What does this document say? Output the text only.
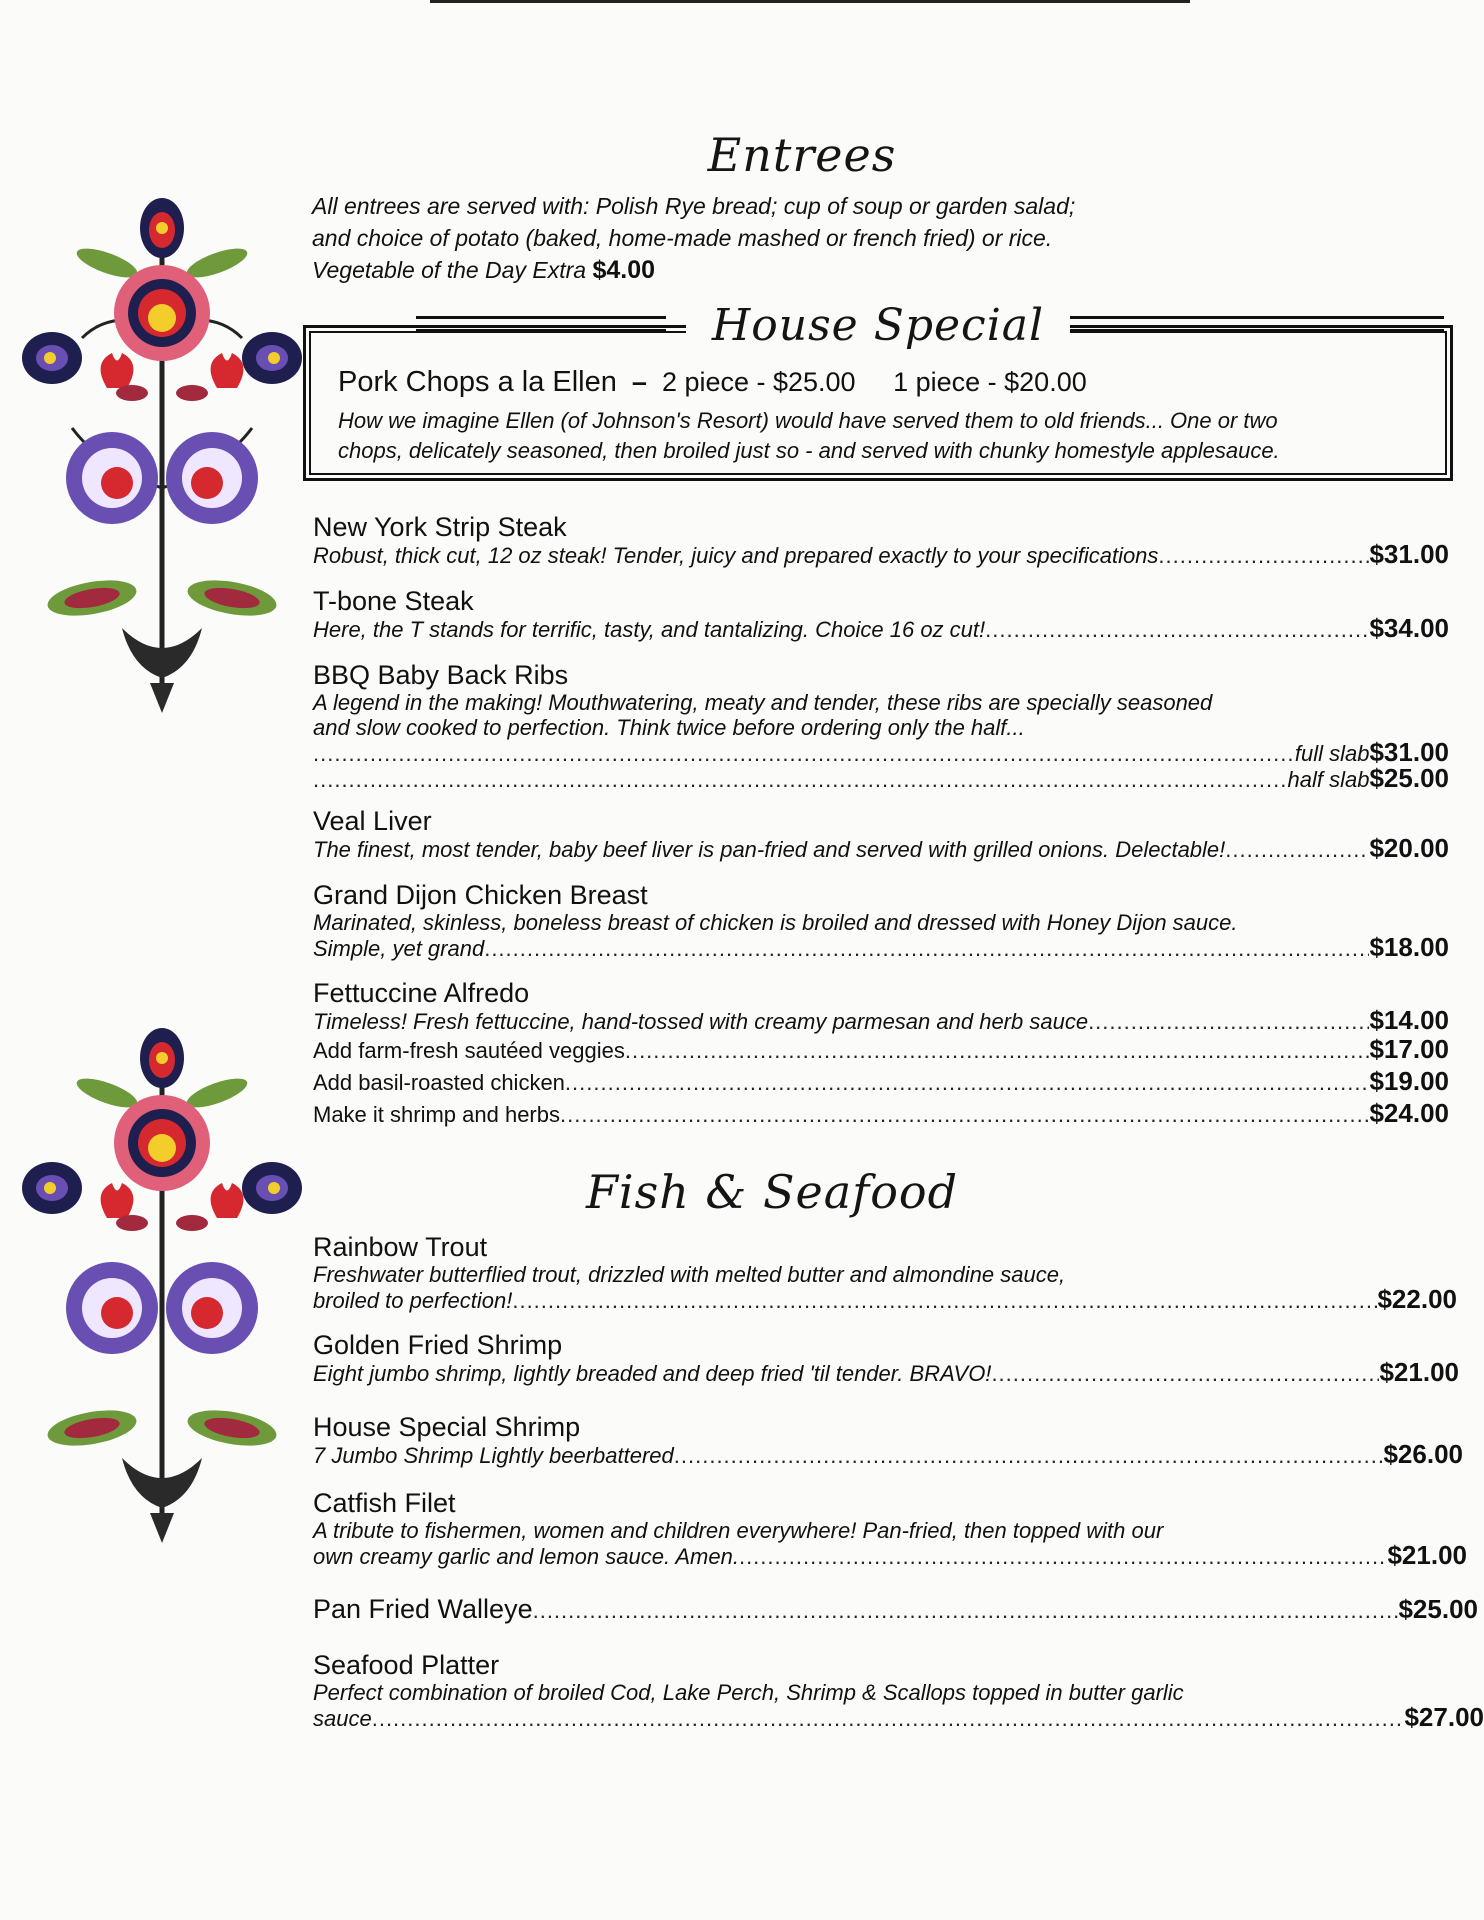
Entrees
All entrees are served with: Polish Rye bread; cup of soup or garden salad;
and choice of potato (baked, home-made mashed or french fried) or rice.
Vegetable of the Day Extra $4.00
House Special
Pork Chops a la Ellen – 2 piece - $25.00 1 piece - $20.00
How we imagine Ellen (of Johnson's Resort) would have served them to old friends... One or two
chops, delicately seasoned, then broiled just so - and served with chunky homestyle applesauce.
New York Strip Steak
Robust, thick cut, 12 oz steak! Tender, juicy and prepared exactly to your specifications .....	$31.00
T-bone Steak
Here, the T stands for terrific, tasty, and tantalizing. Choice 16 oz cut! .....	$34.00
BBQ Baby Back Ribs
A legend in the making! Mouthwatering, meaty and tender, these ribs are specially seasoned
and slow cooked to perfection. Think twice before ordering only the half...
.....
full slab $31.00
.....
half slab $25.00
Veal Liver
The finest, most tender, baby beef liver is pan-fried and served with grilled onions. Delectable! .....	$20.00
Grand Dijon Chicken Breast
Marinated, skinless, boneless breast of chicken is broiled and dressed with Honey Dijon sauce.
Simple, yet grand .....	$18.00
Fettuccine Alfredo
Timeless! Fresh fettuccine, hand-tossed with creamy parmesan and herb sauce .....	$14.00
Add farm-fresh sautéed veggies .....	$17.00
Add basil-roasted chicken .....	$19.00
Make it shrimp and herbs .....	$24.00
Fish & Seafood
Rainbow Trout
Freshwater butterflied trout, drizzled with melted butter and almondine sauce,
broiled to perfection! .....	$22.00
Golden Fried Shrimp
Eight jumbo shrimp, lightly breaded and deep fried 'til tender. BRAVO! .....	$21.00
House Special Shrimp
7 Jumbo Shrimp Lightly beerbattered .....	$26.00
Catfish Filet
A tribute to fishermen, women and children everywhere! Pan-fried, then topped with our
own creamy garlic and lemon sauce. Amen. .....	$21.00
Pan Fried Walleye .....	$25.00
Seafood Platter
Perfect combination of broiled Cod, Lake Perch, Shrimp & Scallops topped in butter garlic
sauce .....	$27.00
